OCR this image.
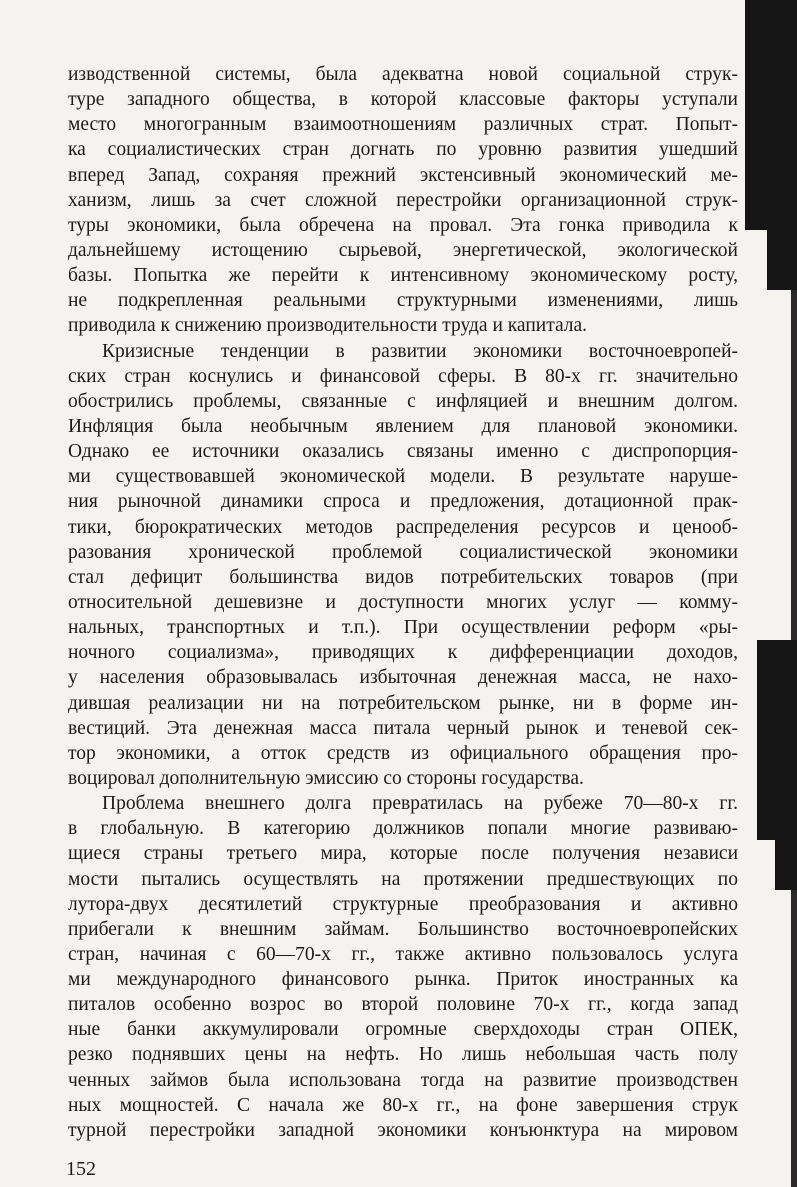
изводственной системы, была адекватна новой социальной струк-
туре западного общества, в которой классовые факторы уступали
место многогранным взаимоотношениям различных страт. Попыт-
ка социалистических стран догнать по уровню развития ушедший
вперед Запад, сохраняя прежний экстенсивный экономический ме-
ханизм, лишь за счет сложной перестройки организационной струк-
туры экономики, была обречена на провал. Эта гонка приводила к
дальнейшему истощению сырьевой, энергетической, экологической
базы. Попытка же перейти к интенсивному экономическому росту,
не подкрепленная реальными структурными изменениями, лишь
приводила к снижению производительности труда и капитала.
Кризисные тенденции в развитии экономики восточноевропей-
ских стран коснулись и финансовой сферы. В 80-х гг. значительно
обострились проблемы, связанные с инфляцией и внешним долгом.
Инфляция была необычным явлением для плановой экономики.
Однако ее источники оказались связаны именно с диспропорция-
ми существовавшей экономической модели. В результате наруше-
ния рыночной динамики спроса и предложения, дотационной прак-
тики, бюрократических методов распределения ресурсов и ценооб-
разования хронической проблемой социалистической экономики
стал дефицит большинства видов потребительских товаров (при
относительной дешевизне и доступности многих услуг — комму-
нальных, транспортных и т.п.). При осуществлении реформ «ры-
ночного социализма», приводящих к дифференциации доходов,
у населения образовывалась избыточная денежная масса, не нахо-
дившая реализации ни на потребительском рынке, ни в форме ин-
вестиций. Эта денежная масса питала черный рынок и теневой сек-
тор экономики, а отток средств из официального обращения про-
воцировал дополнительную эмиссию со стороны государства.
Проблема внешнего долга превратилась на рубеже 70—80-х гг.
в глобальную. В категорию должников попали многие развиваю-
щиеся страны третьего мира, которые после получения независи
мости пытались осуществлять на протяжении предшествующих по
лутора-двух десятилетий структурные преобразования и активно
прибегали к внешним займам. Большинство восточноевропейских
стран, начиная с 60—70-х гг., также активно пользовалось услуга
ми международного финансового рынка. Приток иностранных ка
питалов особенно возрос во второй половине 70-х гг., когда запад
ные банки аккумулировали огромные сверхдоходы стран ОПЕК,
резко поднявших цены на нефть. Но лишь небольшая часть полу
ченных займов была использована тогда на развитие производствен
ных мощностей. С начала же 80-х гг., на фоне завершения струк
турной перестройки западной экономики конъюнктура на мировом
152
